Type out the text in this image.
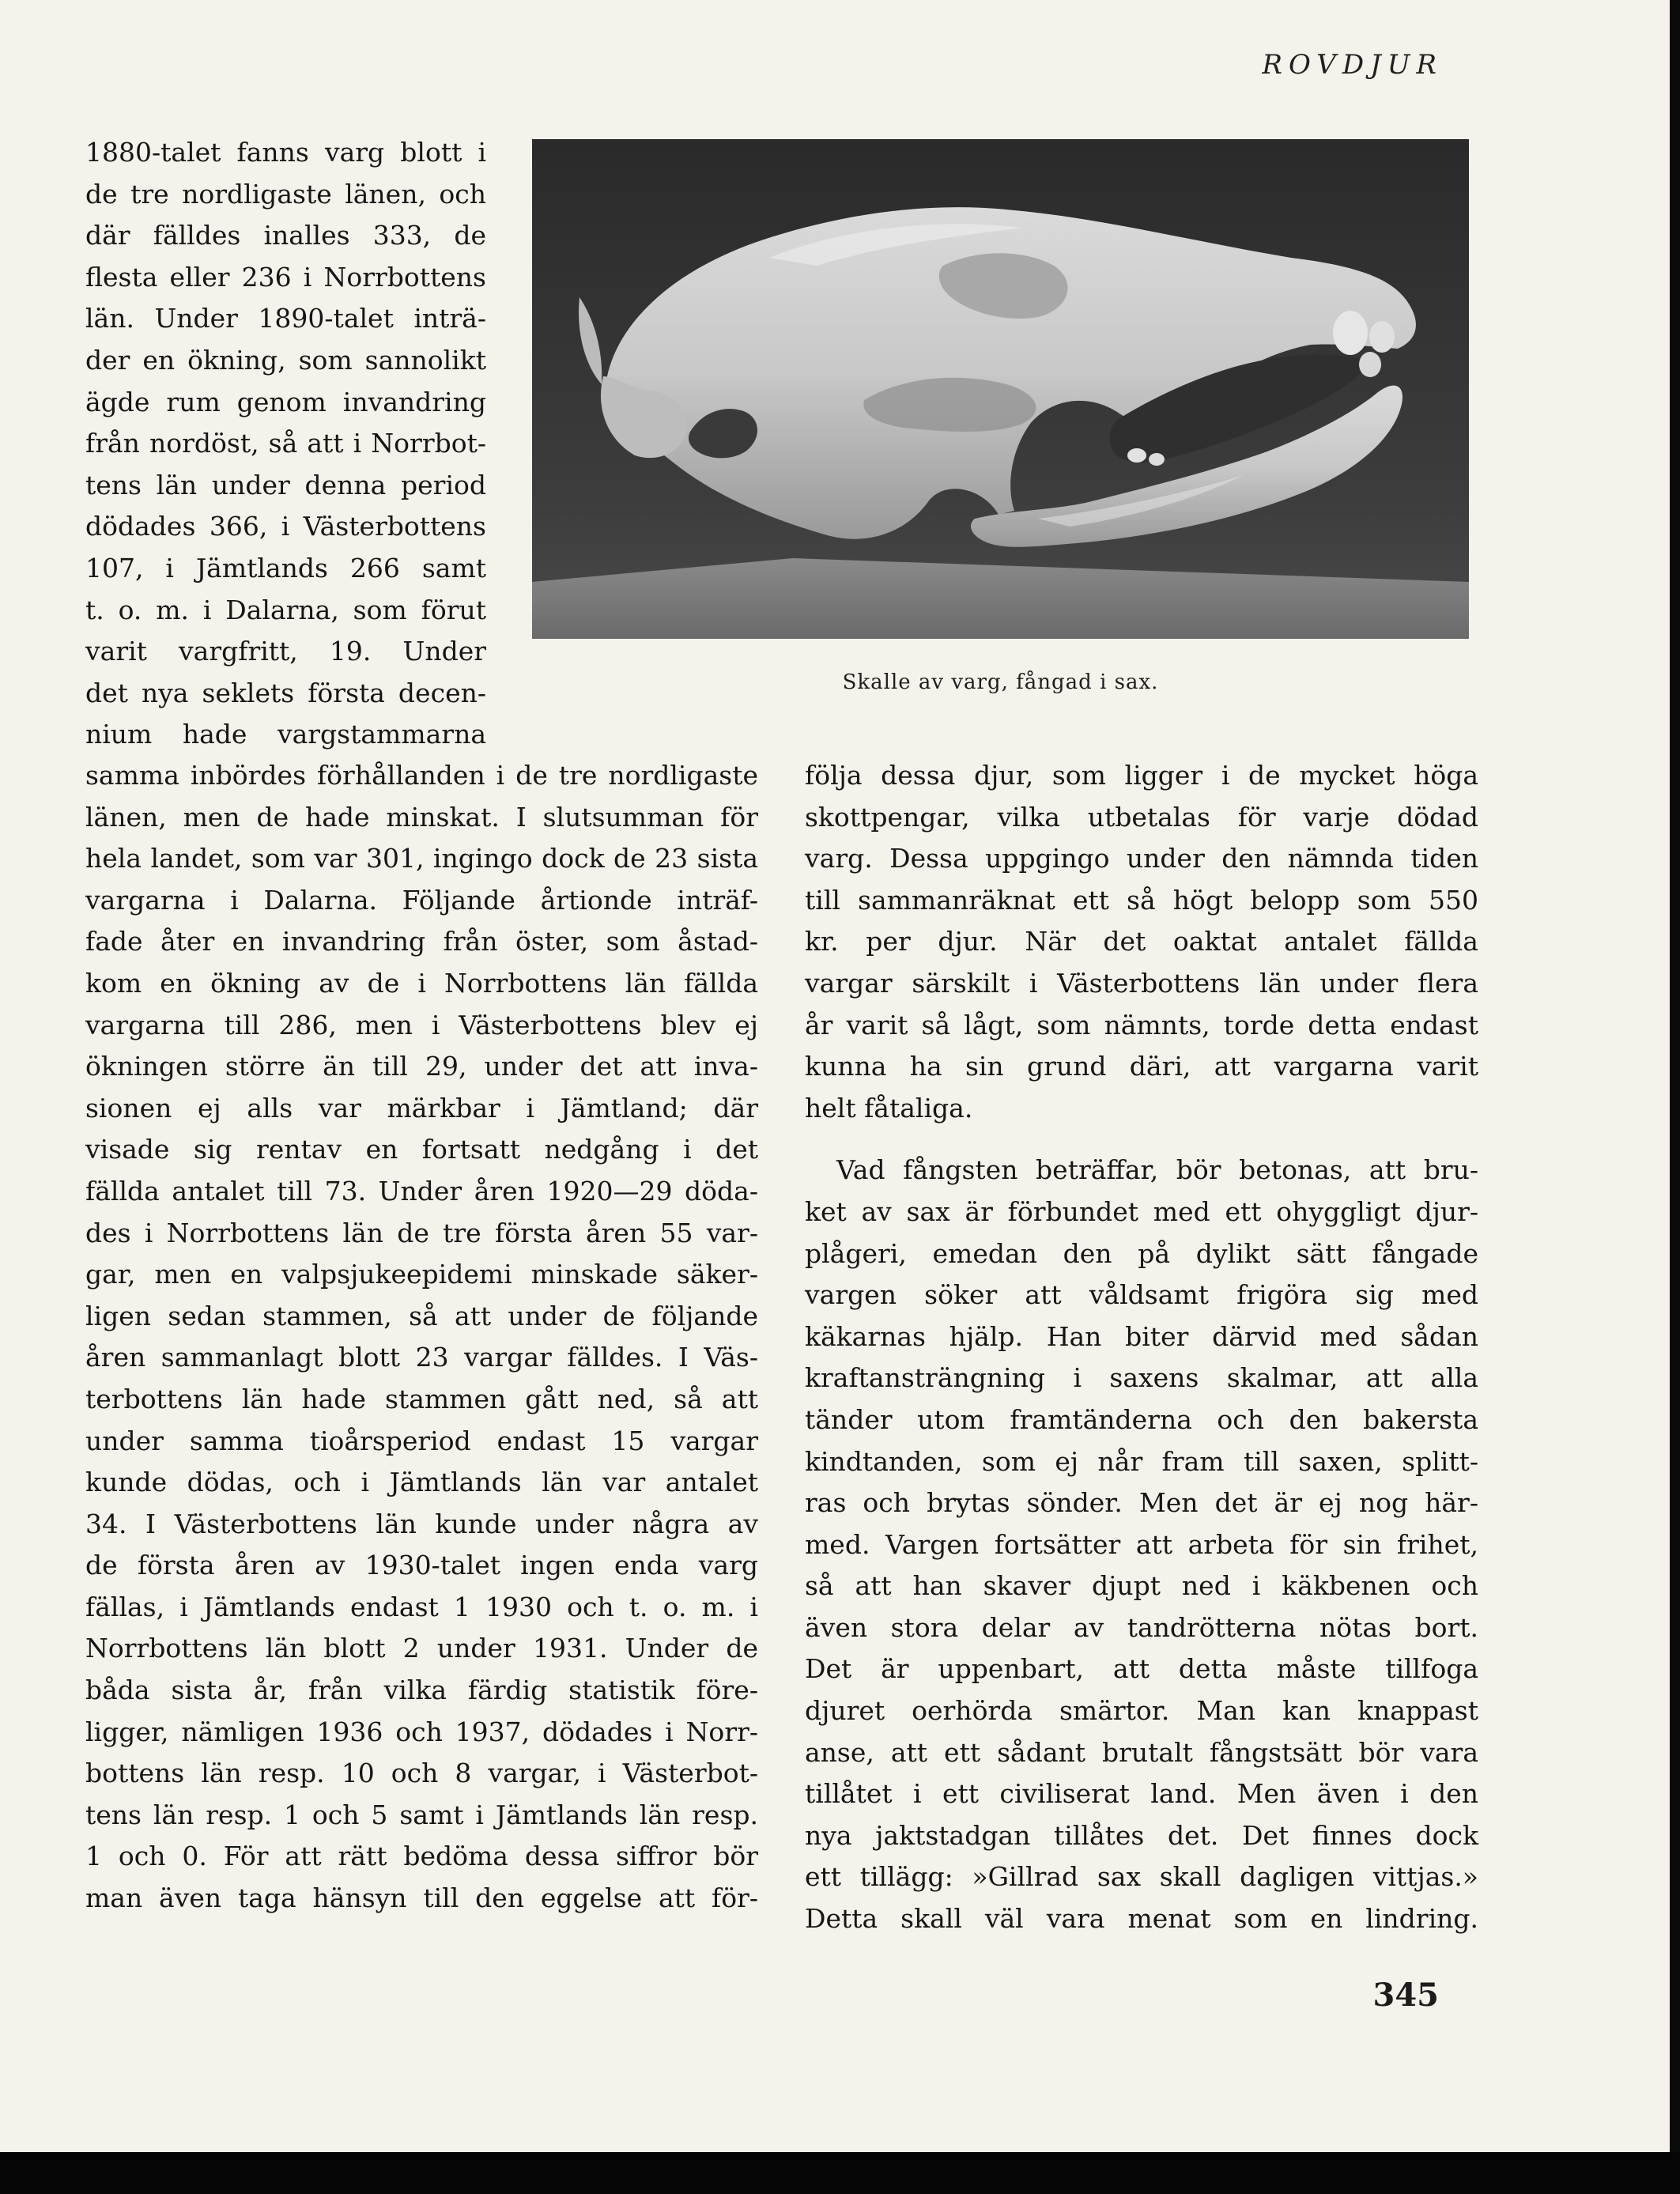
ROVDJUR
1880-talet fanns varg blott i
de tre nordligaste länen, och
där fälldes inalles 333, de
flesta eller 236 i Norrbottens
län. Under 1890-talet inträ-
der en ökning, som sannolikt
ägde rum genom invandring
från nordöst, så att i Norrbot-
tens län under denna period
dödades 366, i Västerbottens
107, i Jämtlands 266 samt
t. o. m. i Dalarna, som förut
varit vargfritt, 19. Under
det nya seklets första decen-
nium hade vargstammarna
Skalle av varg, fångad i sax.
samma inbördes förhållanden i de tre nordligaste
länen, men de hade minskat. I slutsumman för
hela landet, som var 301, ingingo dock de 23 sista
vargarna i Dalarna. Följande årtionde inträf-
fade åter en invandring från öster, som åstad-
kom en ökning av de i Norrbottens län fällda
vargarna till 286, men i Västerbottens blev ej
ökningen större än till 29, under det att inva-
sionen ej alls var märkbar i Jämtland; där
visade sig rentav en fortsatt nedgång i det
fällda antalet till 73. Under åren 1920—29 döda-
des i Norrbottens län de tre första åren 55 var-
gar, men en valpsjukeepidemi minskade säker-
ligen sedan stammen, så att under de följande
åren sammanlagt blott 23 vargar fälldes. I Väs-
terbottens län hade stammen gått ned, så att
under samma tioårsperiod endast 15 vargar
kunde dödas, och i Jämtlands län var antalet
34. I Västerbottens län kunde under några av
de första åren av 1930-talet ingen enda varg
fällas, i Jämtlands endast 1 1930 och t. o. m. i
Norrbottens län blott 2 under 1931. Under de
båda sista år, från vilka färdig statistik före-
ligger, nämligen 1936 och 1937, dödades i Norr-
bottens län resp. 10 och 8 vargar, i Västerbot-
tens län resp. 1 och 5 samt i Jämtlands län resp.
1 och 0. För att rätt bedöma dessa siffror bör
man även taga hänsyn till den eggelse att för-
följa dessa djur, som ligger i de mycket höga
skottpengar, vilka utbetalas för varje dödad
varg. Dessa uppgingo under den nämnda tiden
till sammanräknat ett så högt belopp som 550
kr. per djur. När det oaktat antalet fällda
vargar särskilt i Västerbottens län under flera
år varit så lågt, som nämnts, torde detta endast
kunna ha sin grund däri, att vargarna varit
helt fåtaliga.
Vad fångsten beträffar, bör betonas, att bru-
ket av sax är förbundet med ett ohyggligt djur-
plågeri, emedan den på dylikt sätt fångade
vargen söker att våldsamt frigöra sig med
käkarnas hjälp. Han biter därvid med sådan
kraftansträngning i saxens skalmar, att alla
tänder utom framtänderna och den bakersta
kindtanden, som ej når fram till saxen, splitt-
ras och brytas sönder. Men det är ej nog här-
med. Vargen fortsätter att arbeta för sin frihet,
så att han skaver djupt ned i käkbenen och
även stora delar av tandrötterna nötas bort.
Det är uppenbart, att detta måste tillfoga
djuret oerhörda smärtor. Man kan knappast
anse, att ett sådant brutalt fångstsätt bör vara
tillåtet i ett civiliserat land. Men även i den
nya jaktstadgan tillåtes det. Det finnes dock
ett tillägg: »Gillrad sax skall dagligen vittjas.»
Detta skall väl vara menat som en lindring.
345
